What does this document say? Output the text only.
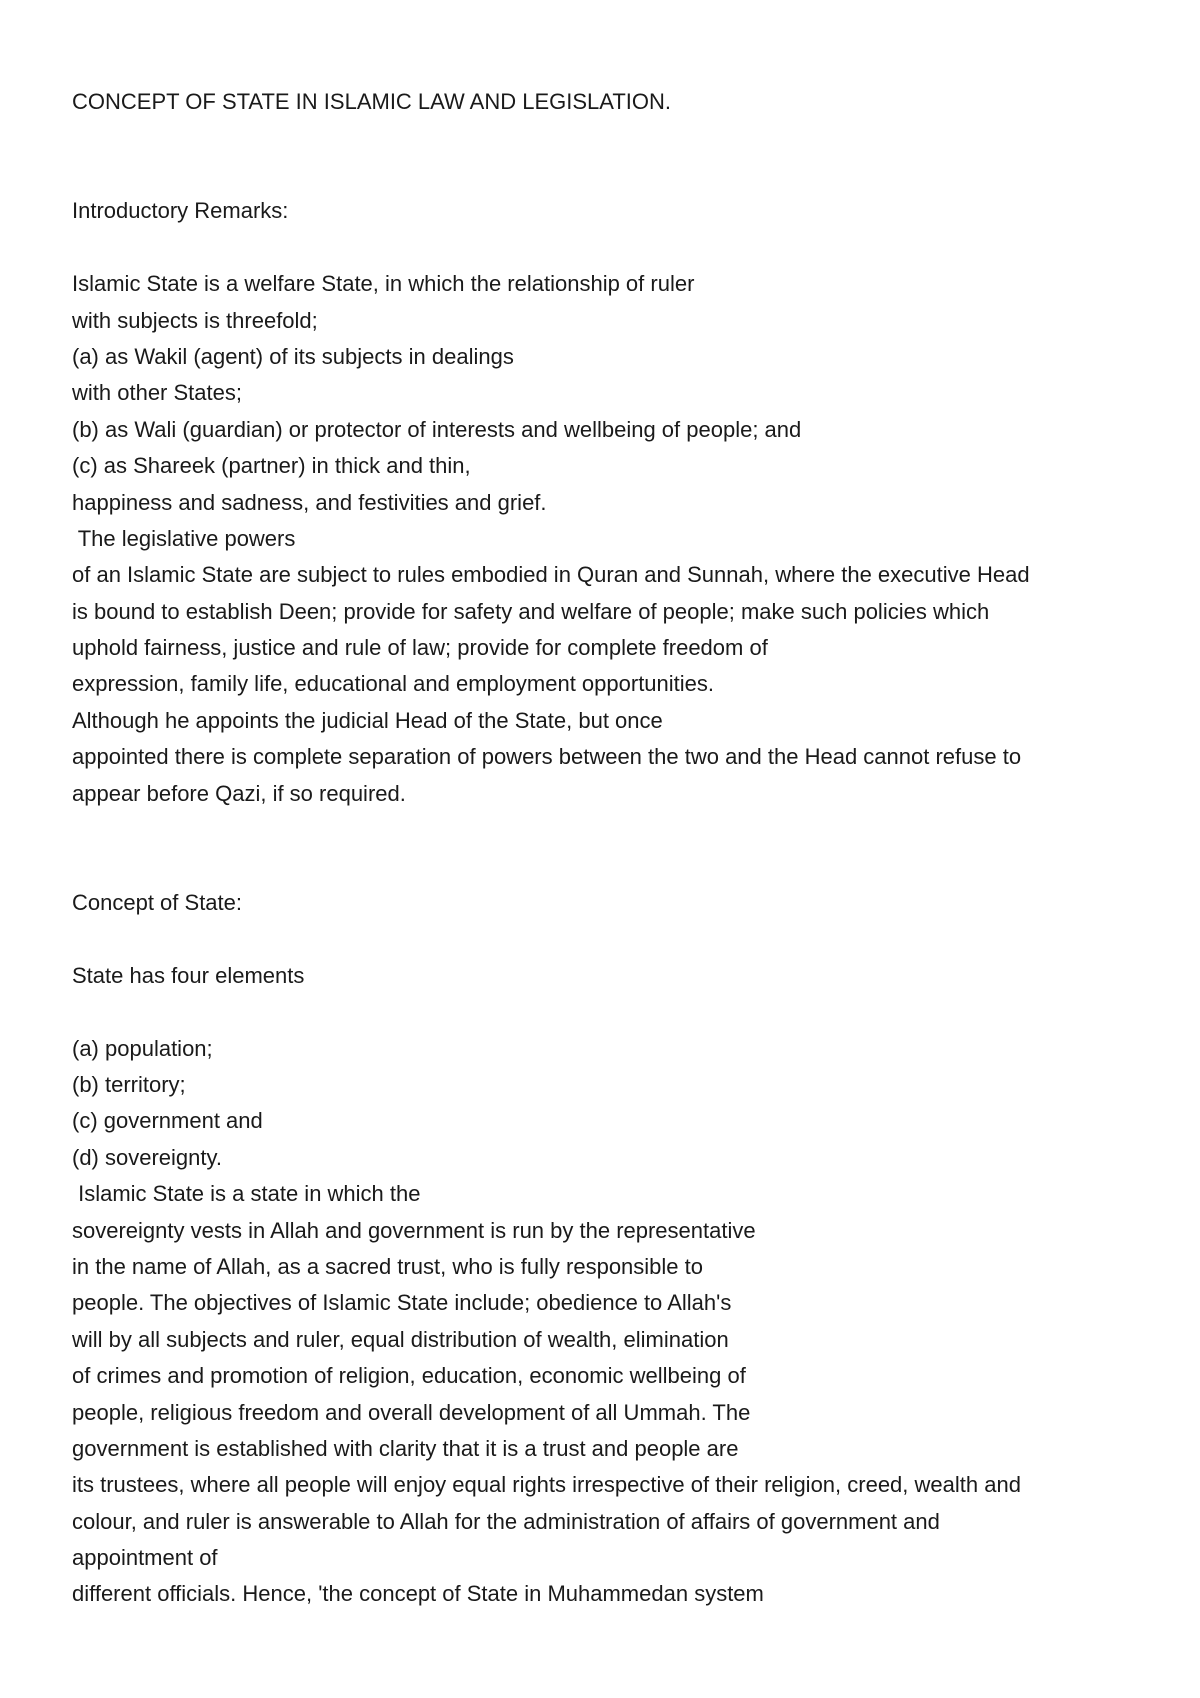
CONCEPT OF STATE IN ISLAMIC LAW AND LEGISLATION.
Introductory Remarks:
Islamic State is a welfare State, in which the relationship of ruler
with subjects is threefold;
(a) as Wakil (agent) of its subjects in dealings
with other States;
(b) as Wali (guardian) or protector of interests and wellbeing of people; and
(c) as Shareek (partner) in thick and thin,
happiness and sadness, and festivities and grief.
The legislative powers
of an Islamic State are subject to rules embodied in Quran and Sunnah, where the executive Head
is bound to establish Deen; provide for safety and welfare of people; make such policies which
uphold fairness, justice and rule of law; provide for complete freedom of
expression, family life, educational and employment opportunities.
Although he appoints the judicial Head of the State, but once
appointed there is complete separation of powers between the two and the Head cannot refuse to
appear before Qazi, if so required.
Concept of State:
State has four elements
(a) population;
(b) territory;
(c) government and
(d) sovereignty.
Islamic State is a state in which the
sovereignty vests in Allah and government is run by the representative
in the name of Allah, as a sacred trust, who is fully responsible to
people. The objectives of Islamic State include; obedience to Allah's
will by all subjects and ruler, equal distribution of wealth, elimination
of crimes and promotion of religion, education, economic wellbeing of
people, religious freedom and overall development of all Ummah. The
government is established with clarity that it is a trust and people are
its trustees, where all people will enjoy equal rights irrespective of their religion, creed, wealth and
colour, and ruler is answerable to Allah for the administration of affairs of government and
appointment of
different officials. Hence, 'the concept of State in Muhammedan system
